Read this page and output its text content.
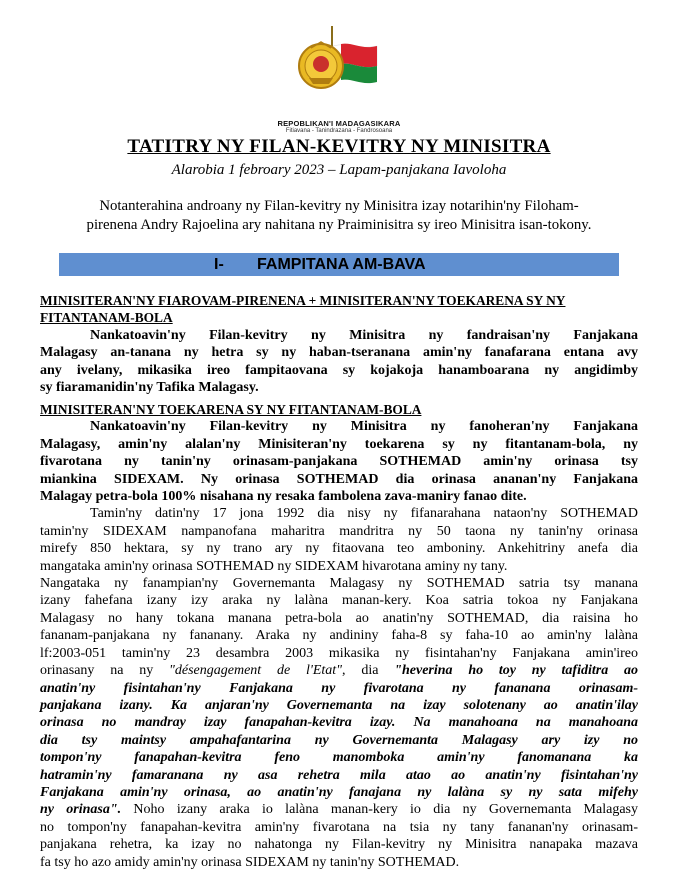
REPOBLIKAN'I MADAGASIKARA
Fitiavana - Tanindrazana - Fandrosoana
TATITRY NY FILAN-KEVITRY NY MINISITRA
Alarobia 1 febroary 2023 – Lapam-panjakana Iavoloha
Notanterahina androany ny Filan-kevitry ny Minisitra izay notarihin'ny Filoham-
pirenena Andry Rajoelina ary nahitana ny Praiminisitra sy ireo Minisitra isan-tokony.
I- FAMPITANA AM-BAVA
MINISITERAN'NY FIAROVAM-PIRENENA + MINISITERAN'NY TOEKARENA SY NY
FITANTANAM-BOLA
Nankatoavin'ny Filan-kevitry ny Minisitra ny fandraisan'ny Fanjakana
Malagasy an-tanana ny hetra sy ny haban-tseranana amin'ny fanafarana entana avy
any ivelany, mikasika ireo fampitaovana sy kojakoja hanamboarana ny angidimby
sy fiaramanidin'ny Tafika Malagasy.
MINISITERAN'NY TOEKARENA SY NY FITANTANAM-BOLA
Nankatoavin'ny Filan-kevitry ny Minisitra ny fanoheran'ny Fanjakana
Malagasy, amin'ny alalan'ny Minisiteran'ny toekarena sy ny fitantanam-bola, ny
fivarotana ny tanin'ny orinasam-panjakana SOTHEMAD amin'ny orinasa tsy
miankina SIDEXAM. Ny orinasa SOTHEMAD dia orinasa ananan'ny Fanjakana
Malagay petra-bola 100% nisahana ny resaka fambolena zava-maniry fanao dite.
Tamin'ny datin'ny 17 jona 1992 dia nisy ny fifanarahana nataon'ny SOTHEMAD
tamin'ny SIDEXAM nampanofana maharitra mandritra ny 50 taona ny tanin'ny orinasa
mirefy 850 hektara, sy ny trano ary ny fitaovana teo amboniny. Ankehitriny anefa dia
mangataka amin'ny orinasa SOTHEMAD ny SIDEXAM hivarotana aminy ny tany.
Nangataka ny fanampian'ny Governemanta Malagasy ny SOTHEMAD satria tsy manana
izany fahefana izany izy araka ny lalàna manan-kery. Koa satria tokoa ny Fanjakana
Malagasy no hany tokana manana petra-bola ao anatin'ny SOTHEMAD, dia raisina ho
fananam-panjakana ny fananany. Araka ny andininy faha-8 sy faha-10 ao amin'ny lalàna
lf:2003-051 tamin'ny 23 desambra 2003 mikasika ny fisintahan'ny Fanjakana amin'ireo
orinasany na ny "désengagement de l'Etat", dia "heverina ho toy ny tafiditra ao
anatin'ny fisintahan'ny Fanjakana ny fivarotana ny fananana orinasam-
panjakana izany. Ka anjaran'ny Governemanta na izay solotenany ao anatin'ilay
orinasa no mandray izay fanapahan-kevitra izay. Na manahoana na manahoana
dia tsy maintsy ampahafantarina ny Governemanta Malagasy ary izy no
tompon'ny fanapahan-kevitra feno manomboka amin'ny fanomanana ka
hatramin'ny famaranana ny asa rehetra mila atao ao anatin'ny fisintahan'ny
Fanjakana amin'ny orinasa, ao anatin'ny fanajana ny lalàna sy ny sata mifehy
ny orinasa". Noho izany araka io lalàna manan-kery io dia ny Governemanta Malagasy
no tompon'ny fanapahan-kevitra amin'ny fivarotana na tsia ny tany fananan'ny orinasam-
panjakana rehetra, ka izay no nahatonga ny Filan-kevitry ny Minisitra nanapaka mazava
fa tsy ho azo amidy amin'ny orinasa SIDEXAM ny tanin'ny SOTHEMAD.
